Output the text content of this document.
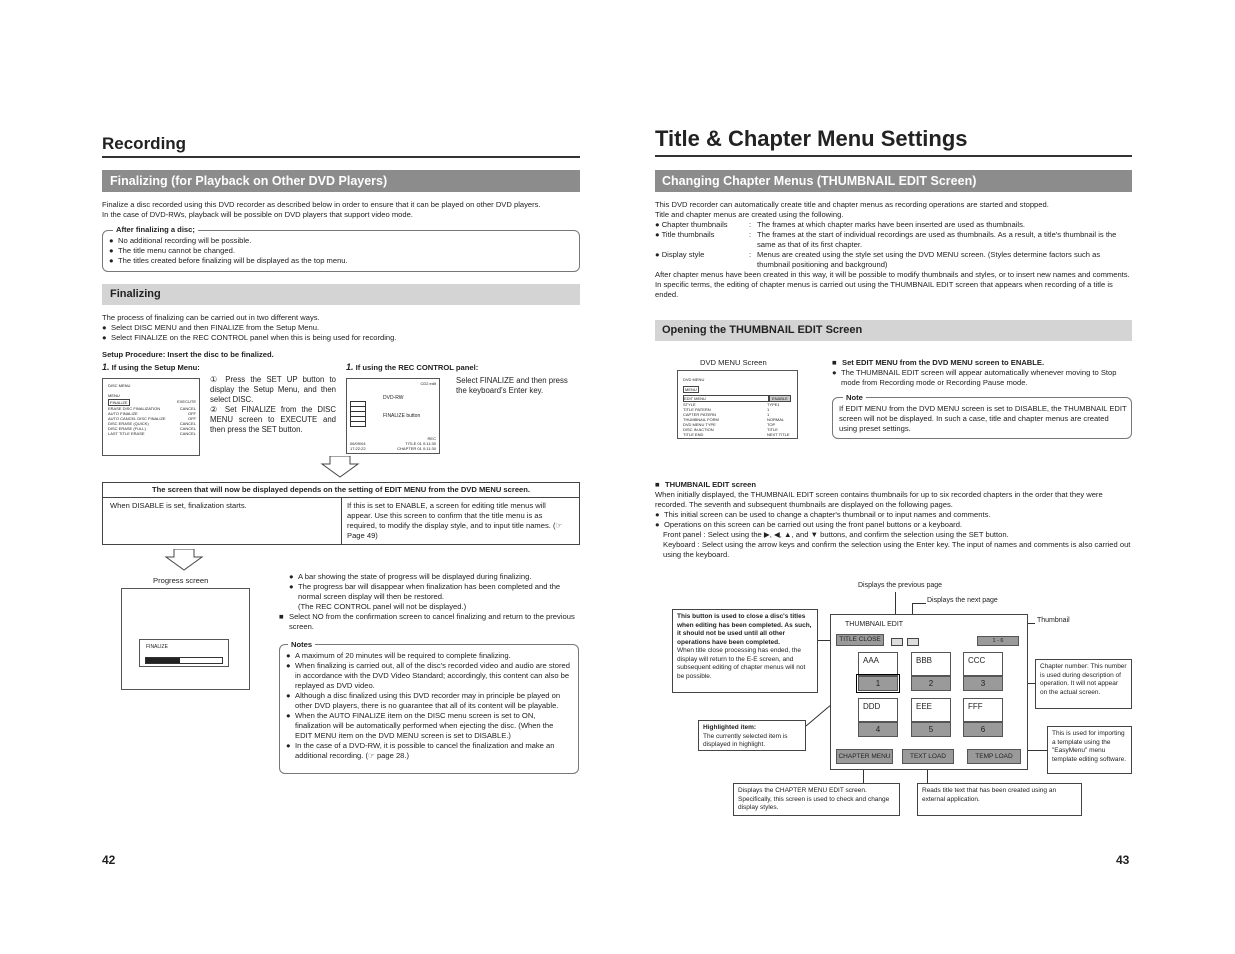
Recording
Finalizing (for Playback on Other DVD Players)

Finalize a disc recorded using this DVD recorder as described below in order to ensure that it can be played on other DVD players.

In the case of DVD-RWs, playback will be possible on DVD players that support video mode.

After finalizing a disc;
● No additional recording will be possible.
● The title menu cannot be changed.
● The titles created before finalizing will be displayed as the top menu.
Finalizing

The process of finalizing can be carried out in two different ways.

● Select DISC MENU and then FINALIZE from the Setup Menu.
● Select FINALIZE on the REC CONTROL panel when this is being used for recording.
Setup Procedure: Insert the disc to be finalized.
1. If using the Setup Menu:
DISC MENU
MENU
FINALIZE	EXECUTE
ERASE DISC FINALIZATION	CANCEL
AUTO FINALIZE	OFF
AUTO CANCEL DISC FINALIZE	OFF
DISC ERASE (QUICK)	CANCEL
DISC ERASE (FULL)	CANCEL
LAST TITLE ERASE	CANCEL

① Press the SET UP button to display the Setup Menu, and then select DISC.

② Set FINALIZE from the DISC MENU screen to EXECUTE and then press the SET button.

1. If using the REC CONTROL panel:
CD2 edit
DVD-RW
FINALIZE button
REC
TITLE 01 0:11:30
CHAPTER 01 0:11:30
06/09/04
17:22:22
Select FINALIZE and then press the keyboard's Enter key.
The screen that will now be displayed depends on the setting of EDIT MENU from the DVD MENU screen.
When DISABLE is set, finalization starts.	If this is set to ENABLE, a screen for editing title menus will appear. Use this screen to confirm that the title menu is as required, to modify the display style, and to input title names. (☞ Page 49)
Progress screen
FINALIZE
● A bar showing the state of progress will be displayed during finalizing.
● The progress bar will disappear when finalization has been completed and the normal screen display will then be restored.
(The REC CONTROL panel will not be displayed.)
■ Select NO from the confirmation screen to cancel finalizing and return to the previous screen.
Notes
● A maximum of 20 minutes will be required to complete finalizing.
● When finalizing is carried out, all of the disc's recorded video and audio are stored in accordance with the DVD Video Standard; accordingly, this content can also be replayed as DVD video.
● Although a disc finalized using this DVD recorder may in principle be played on other DVD players, there is no guarantee that all of its content will be playable.
● When the AUTO FINALIZE item on the DISC menu screen is set to ON, finalization will be automatically performed when ejecting the disc. (When the EDIT MENU item on the DVD MENU screen is set to DISABLE.)
● In the case of a DVD-RW, it is possible to cancel the finalization and make an additional recording. (☞ page 28.)
42
Title & Chapter Menu Settings
Changing Chapter Menus (THUMBNAIL EDIT Screen)

This DVD recorder can automatically create title and chapter menus as recording operations are started and stopped.

Title and chapter menus are created using the following.

● Chapter thumbnails	: The frames at which chapter marks have been inserted are used as thumbnails.
● Title thumbnails	: The frames at the start of individual recordings are used as thumbnails. As a result, a title's thumbnail is the same as that of its first chapter.
● Display style	: Menus are created using the style set using the DVD MENU screen. (Styles determine factors such as thumbnail positioning and background)

After chapter menus have been created in this way, it will be possible to modify thumbnails and styles, or to insert new names and comments.

In specific terms, the editing of chapter menus is carried out using the THUMBNAIL EDIT screen that appears when recording of a title is ended.

Opening the THUMBNAIL EDIT Screen
DVD MENU Screen
DVD MENU
MENU
EDIT MENU	ENABLE
STYLE	TYPE1
TITLE PATERN	1
CAPTER PATERN	1
THUMBNAIL FORM	NORMAL
DVD MENU TYPE	TOP
DISC IN ACTION	TITLE
TITLE END	NEXT TITLE
■ Set EDIT MENU from the DVD MENU screen to ENABLE.
● The THUMBNAIL EDIT screen will appear automatically whenever moving to Stop mode from Recording mode or Recording Pause mode.
Note
If EDIT MENU from the DVD MENU screen is set to DISABLE, the THUMBNAIL EDIT screen will not be displayed. In such a case, title and chapter menus are created using preset settings.
■ THUMBNAIL EDIT screen

When initially displayed, the THUMBNAIL EDIT screen contains thumbnails for up to six recorded chapters in the order that they were recorded. The seventh and subsequent thumbnails are displayed on the following pages.

● This initial screen can be used to change a chapter's thumbnail or to input names and comments.
● Operations on this screen can be carried out using the front panel buttons or a keyboard.

Front panel : Select using the ▶, ◀, ▲, and ▼ buttons, and confirm the selection using the SET button.

Keyboard : Select using the arrow keys and confirm the selection using the Enter key. The input of names and comments is also carried out using the keyboard.

Displays the previous page
Displays the next page
Thumbnail
THUMBNAIL EDIT
TITLE CLOSE	1 - 6
AAA	BBB	CCC
1	2	3
DDD	EEE	FFF
4	5	6
CHAPTER MENU	TEXT LOAD	TEMP LOAD

This button is used to close a disc's titles when editing has been completed. As such, it should not be used until all other operations have been completed.

When title close processing has ended, the display will return to the E-E screen, and subsequent editing of chapter menus will not be possible.

Highlighted item:

The currently selected item is displayed in highlight.

Chapter number: This number is used during description of operation. It will not appear on the actual screen.

This is used for importing a template using the "EasyMenu" menu template editing software.

Displays the CHAPTER MENU EDIT screen. Specifically, this screen is used to check and change display styles.

Reads title text that has been created using an external application.

43
